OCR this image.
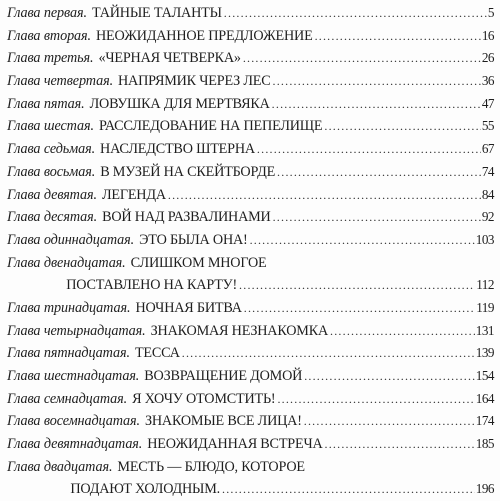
Глава первая. ТАЙНЫЕ ТАЛАНТЫ .....	5
Глава вторая. НЕОЖИДАННОЕ ПРЕДЛОЖЕНИЕ .....	16
Глава третья. «ЧЕРНАЯ ЧЕТВЕРКА» .....	26
Глава четвертая. НАПРЯМИК ЧЕРЕЗ ЛЕС .....	36
Глава пятая. ЛОВУШКА ДЛЯ МЕРТВЯКА .....	47
Глава шестая. РАССЛЕДОВАНИЕ НА ПЕПЕЛИЩЕ .....	55
Глава седьмая. НАСЛЕДСТВО ШТЕРНА .....	67
Глава восьмая. В МУЗЕЙ НА СКЕЙТБОРДЕ .....	74
Глава девятая. ЛЕГЕНДА .....	84
Глава десятая. ВОЙ НАД РАЗВАЛИНАМИ .....	92
Глава одиннадцатая. ЭТО БЫЛА ОНА! .....	103
Глава двенадцатая. СЛИШКОМ МНОГОЕ
ПОСТАВЛЕНО НА КАРТУ! .....	112
Глава тринадцатая. НОЧНАЯ БИТВА .....	119
Глава четырнадцатая. ЗНАКОМАЯ НЕЗНАКОМКА .....	131
Глава пятнадцатая. ТЕССА .....	139
Глава шестнадцатая. ВОЗВРАЩЕНИЕ ДОМОЙ .....	154
Глава семнадцатая. Я ХОЧУ ОТОМСТИТЬ! .....	164
Глава восемнадцатая. ЗНАКОМЫЕ ВСЕ ЛИЦА! .....	174
Глава девятнадцатая. НЕОЖИДАННАЯ ВСТРЕЧА .....	185
Глава двадцатая. МЕСТЬ — БЛЮДО, КОТОРОЕ
ПОДАЮТ ХОЛОДНЫМ. .....	196
